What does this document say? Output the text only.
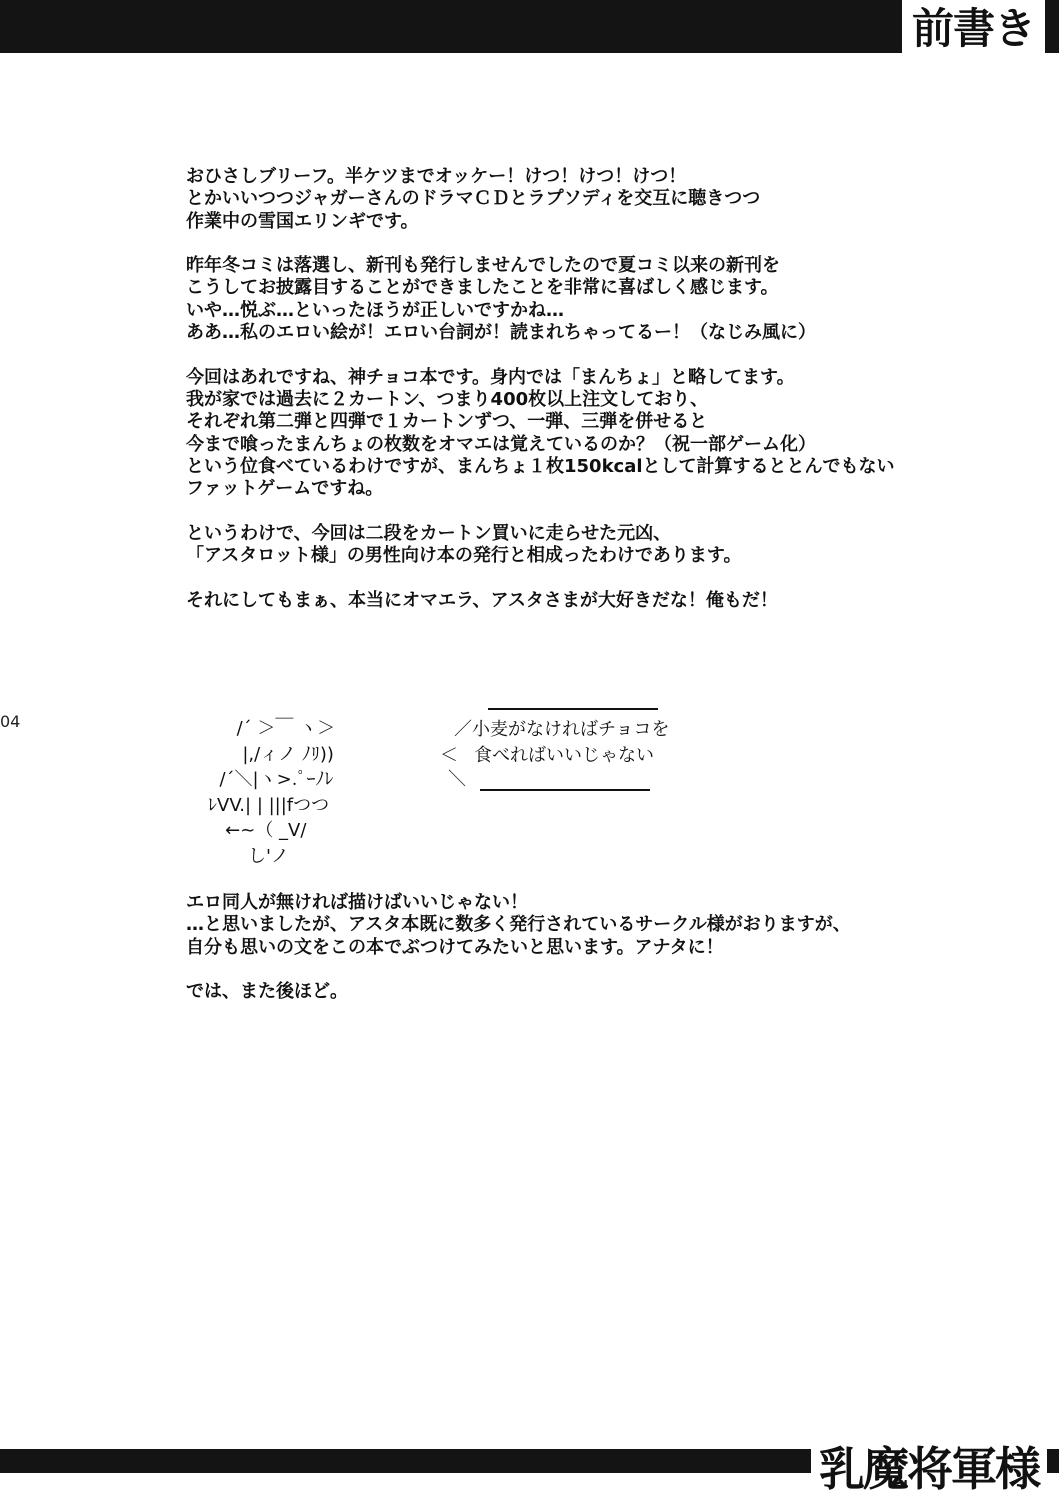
前書き
04
おひさしブリーフ。半ケツまでオッケー！けつ！けつ！けつ！
とかいいつつジャガーさんのドラマＣＤとラプソディを交互に聴きつつ
作業中の雪国エリンギです。
昨年冬コミは落選し、新刊も発行しませんでしたので夏コミ以来の新刊を
こうしてお披露目することができましたことを非常に喜ばしく感じます。
いや…悦ぶ…といったほうが正しいですかね…
ああ…私のエロい絵が！エロい台詞が！読まれちゃってるー！（なじみ風に）
今回はあれですね、神チョコ本です。身内では「まんちょ」と略してます。
我が家では過去に２カートン、つまり400枚以上注文しており、
それぞれ第二弾と四弾で１カートンずつ、一弾、三弾を併せると
今まで喰ったまんちょの枚数をオマエは覚えているのか？（祝一部ゲーム化）
という位食べているわけですが、まんちょ１枚150kcalとして計算するととんでもない
ファットゲームですね。
というわけで、今回は二段をカートン買いに走らせた元凶、
「アスタロット様」の男性向け本の発行と相成ったわけであります。
それにしてもまぁ、本当にオマエラ、アスタさまが大好きだな！俺もだ！
/´ ＞￣ ヽ＞
|,/ィノ ﾉﾘ))
/´＼|ヽ>.ﾟｰﾉﾚ
ﾚVV.| | |||fつつ
←~（ _V/
し'ノ
／小麦がなければチョコを
＜ 食べればいいじゃない
＼
エロ同人が無ければ描けばいいじゃない！
…と思いましたが、アスタ本既に数多く発行されているサークル様がおりますが、
自分も思いの文をこの本でぶつけてみたいと思います。アナタに！
では、また後ほど。
乳魔将軍様
